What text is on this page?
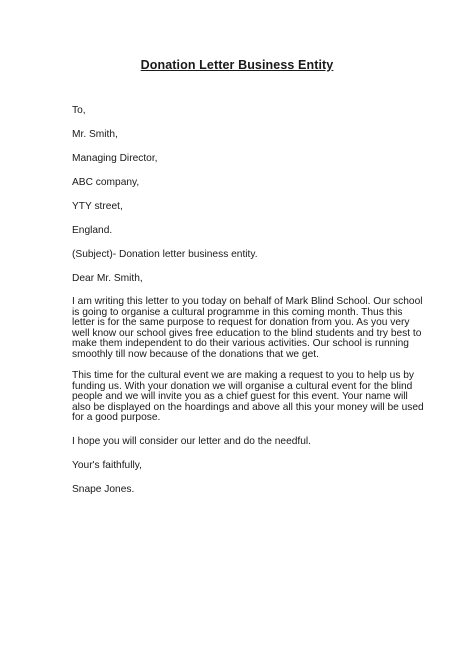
Donation Letter Business Entity

To,

Mr. Smith,

Managing Director,

ABC company,

YTY street,

England.

(Subject)- Donation letter business entity.

Dear Mr. Smith,

I am writing this letter to you today on behalf of Mark Blind School. Our school
is going to organise a cultural programme in this coming month. Thus this
letter is for the same purpose to request for donation from you. As you very
well know our school gives free education to the blind students and try best to
make them independent to do their various activities. Our school is running
smoothly till now because of the donations that we get.
This time for the cultural event we are making a request to you to help us by
funding us. With your donation we will organise a cultural event for the blind
people and we will invite you as a chief guest for this event. Your name will
also be displayed on the hoardings and above all this your money will be used
for a good purpose.

I hope you will consider our letter and do the needful.

Your's faithfully,

Snape Jones.
